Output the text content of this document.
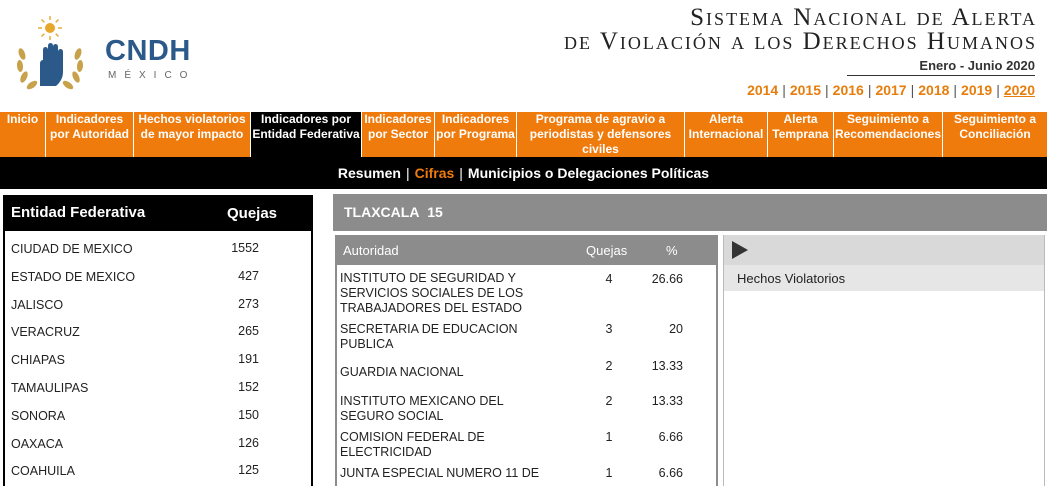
CNDH
MÉXICO
Sistema Nacional de Alerta
de Violación a los Derechos Humanos
Enero - Junio 2020
2014 | 2015 | 2016 | 2017 | 2018 | 2019 | 2020
Inicio	Indicadores por Autoridad
Hechos violatorios de mayor impacto
Indicadores por Entidad Federativa
Indicadores por Sector
Indicadores por Programa
Programa de agravio a periodistas y defensores civiles
Alerta Internacional
Alerta Temprana
Seguimiento a Recomendaciones
Seguimiento a Conciliación
Resumen | Cifras | Municipios o Delegaciones Políticas
Entidad Federativa	Quejas
CIUDAD DE MEXICO	1552
ESTADO DE MEXICO	427
JALISCO	273
VERACRUZ	265
CHIAPAS	191
TAMAULIPAS	152
SONORA	150
OAXACA	126
COAHUILA	125
TLAXCALA 15
Autoridad	Quejas	%
INSTITUTO DE SEGURIDAD Y SERVICIOS SOCIALES DE LOS TRABAJADORES DEL ESTADO
4	26.66
SECRETARIA DE EDUCACION PUBLICA
3	20
GUARDIA NACIONAL	2	13.33
INSTITUTO MEXICANO DEL SEGURO SOCIAL
2	13.33
COMISION FEDERAL DE ELECTRICIDAD
1	6.66
JUNTA ESPECIAL NUMERO 11 DE	1	6.66
Hechos Violatorios
